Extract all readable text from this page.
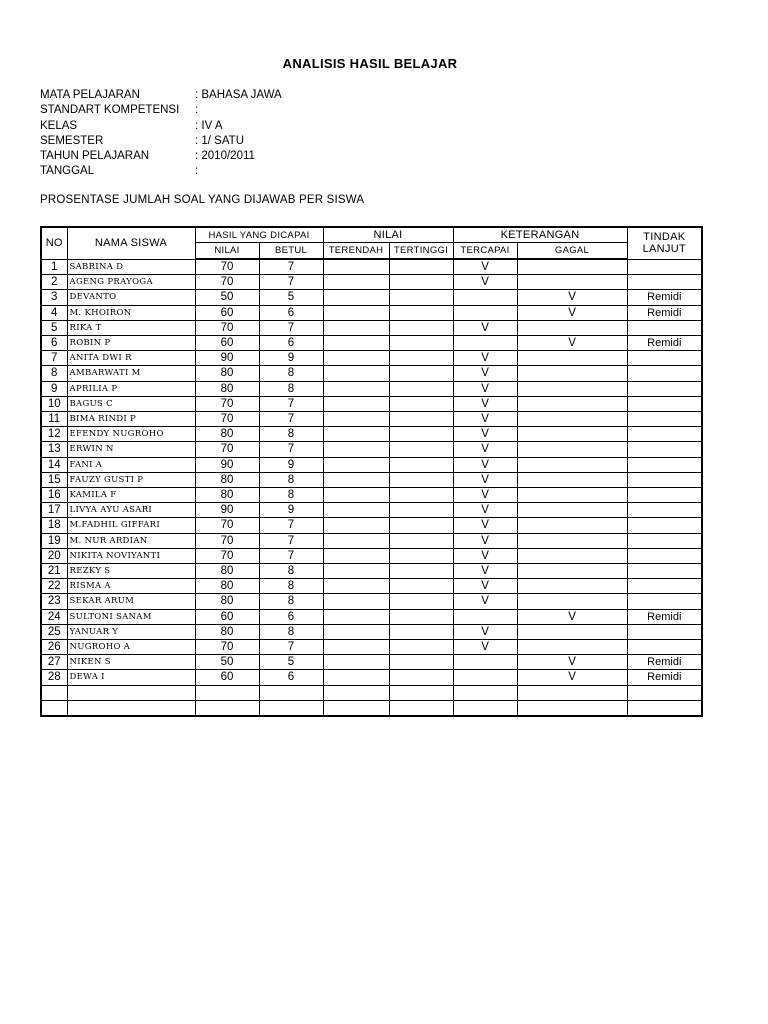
ANALISIS HASIL BELAJAR
MATA PELAJARAN	: BAHASA JAWA
STANDART KOMPETENSI :
KELAS	: IV A
SEMESTER	: 1/ SATU
TAHUN PELAJARAN	: 2010/2011
TANGGAL	:
PROSENTASE JUMLAH SOAL YANG DIJAWAB PER SISWA
NO	NAMA SISWA	HASIL YANG DICAPAI		NILAI		KETERANGAN		TINDAK LANJUT
		NILAI	BETUL	TERENDAH	TERTINGGI	TERCAPAI	GAGAL	
1	SABRINA D	70	7			V		
2	AGENG PRAYOGA	70	7			V		
3	DEVANTO	50	5				V	Remidi
4	M. KHOIRON	60	6				V	Remidi
5	RIKA T	70	7			V		
6	ROBIN P	60	6				V	Remidi
7	ANITA DWI R	90	9			V		
8	AMBARWATI M	80	8			V		
9	APRILIA P	80	8			V		
10	BAGUS C	70	7			V		
11	BIMA RINDI P	70	7			V		
12	EFENDY NUGROHO	80	8			V		
13	ERWIN N	70	7			V		
14	FANI A	90	9			V		
15	FAUZY GUSTI P	80	8			V		
16	KAMILA F	80	8			V		
17	LIVYA AYU ASARI	90	9			V		
18	M.FADHIL GIFFARI	70	7			V		
19	M. NUR ARDIAN	70	7			V		
20	NIKITA NOVIYANTI	70	7			V		
21	REZKY S	80	8			V		
22	RISMA A	80	8			V		
23	SEKAR ARUM	80	8			V		
24	SULTONI SANAM	60	6				V	Remidi
25	YANUAR Y	80	8			V		
26	NUGROHO A	70	7			V		
27	NIKEN S	50	5				V	Remidi
28	DEWA I	60	6				V	Remidi
